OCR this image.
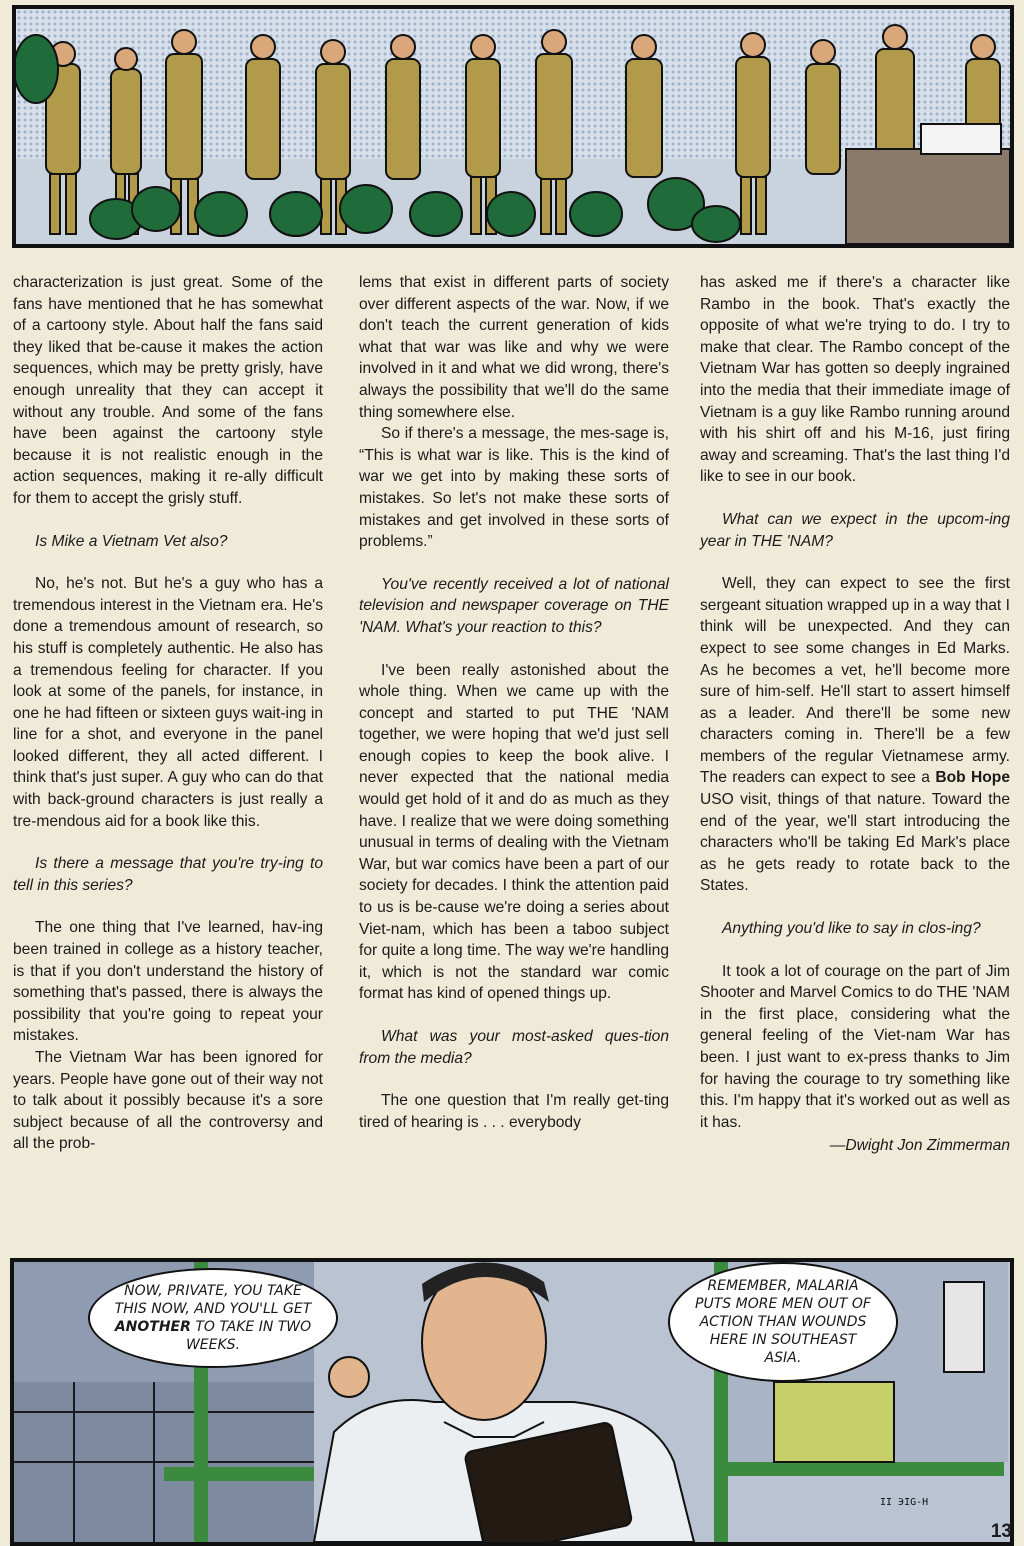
characterization is just great. Some of the fans have mentioned that he has somewhat of a cartoony style. About half the fans said they liked that be-cause it makes the action sequences, which may be pretty grisly, have enough unreality that they can accept it without any trouble. And some of the fans have been against the cartoony style because it is not realistic enough in the action sequences, making it re-ally difficult for them to accept the grisly stuff.

Is Mike a Vietnam Vet also?

No, he's not. But he's a guy who has a tremendous interest in the Vietnam era. He's done a tremendous amount of research, so his stuff is completely authentic. He also has a tremendous feeling for character. If you look at some of the panels, for instance, in one he had fifteen or sixteen guys wait-ing in line for a shot, and everyone in the panel looked different, they all acted different. I think that's just super. A guy who can do that with back-ground characters is just really a tre-mendous aid for a book like this.

Is there a message that you're try-ing to tell in this series?

The one thing that I've learned, hav-ing been trained in college as a history teacher, is that if you don't understand the history of something that's passed, there is always the possibility that you're going to repeat your mistakes.

The Vietnam War has been ignored for years. People have gone out of their way not to talk about it possibly because it's a sore subject because of all the controversy and all the prob-

lems that exist in different parts of society over different aspects of the war. Now, if we don't teach the current generation of kids what that war was like and why we were involved in it and what we did wrong, there's always the possibility that we'll do the same thing somewhere else.

So if there's a message, the mes-sage is, “This is what war is like. This is the kind of war we get into by making these sorts of mistakes. So let's not make these sorts of mistakes and get involved in these sorts of problems.”

You've recently received a lot of national television and newspaper coverage on THE 'NAM. What's your reaction to this?

I've been really astonished about the whole thing. When we came up with the concept and started to put THE 'NAM together, we were hoping that we'd just sell enough copies to keep the book alive. I never expected that the national media would get hold of it and do as much as they have. I realize that we were doing something unusual in terms of dealing with the Vietnam War, but war comics have been a part of our society for decades. I think the attention paid to us is be-cause we're doing a series about Viet-nam, which has been a taboo subject for quite a long time. The way we're handling it, which is not the standard war comic format has kind of opened things up.

What was your most-asked ques-tion from the media?

The one question that I'm really get-ting tired of hearing is . . . everybody

has asked me if there's a character like Rambo in the book. That's exactly the opposite of what we're trying to do. I try to make that clear. The Rambo concept of the Vietnam War has gotten so deeply ingrained into the media that their immediate image of Vietnam is a guy like Rambo running around with his shirt off and his M-16, just firing away and screaming. That's the last thing I'd like to see in our book.

What can we expect in the upcom-ing year in THE 'NAM?

Well, they can expect to see the first sergeant situation wrapped up in a way that I think will be unexpected. And they can expect to see some changes in Ed Marks. As he becomes a vet, he'll become more sure of him-self. He'll start to assert himself as a leader. And there'll be some new characters coming in. There'll be a few members of the regular Vietnamese army. The readers can expect to see a Bob Hope USO visit, things of that nature. Toward the end of the year, we'll start introducing the characters who'll be taking Ed Mark's place as he gets ready to rotate back to the States.

Anything you'd like to say in clos-ing?

It took a lot of courage on the part of Jim Shooter and Marvel Comics to do THE 'NAM in the first place, considering what the general feeling of the Viet-nam War has been. I just want to ex-press thanks to Jim for having the courage to try something like this. I'm happy that it's worked out as well as it has.

—Dwight Jon Zimmerman

NOW, PRIVATE, YOU TAKE THIS NOW, AND YOU'LL GET ANOTHER TO TAKE IN TWO WEEKS.
REMEMBER, MALARIA PUTS MORE MEN OUT OF ACTION THAN WOUNDS HERE IN SOUTHEAST ASIA.
II ЭIG-H
13
